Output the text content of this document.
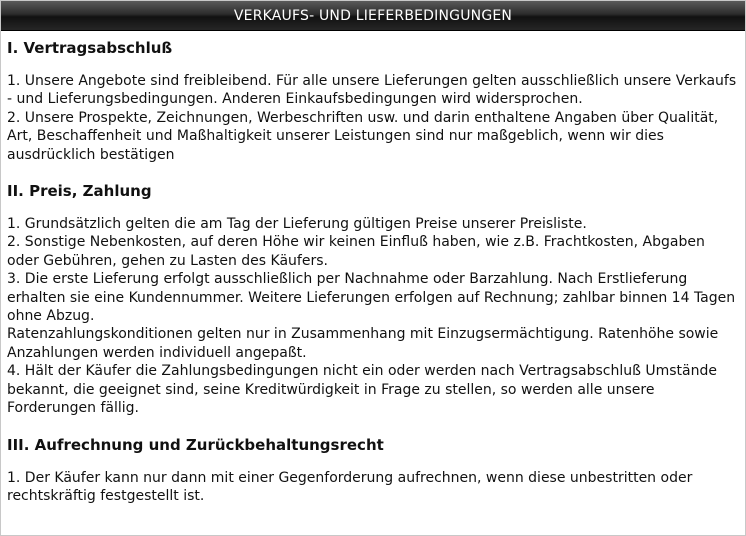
VERKAUFS- UND LIEFERBEDINGUNGEN
I. Vertragsabschluß

1. Unsere Angebote sind freibleibend. Für alle unsere Lieferungen gelten ausschließlich unsere Verkaufs - und Lieferungsbedingungen. Anderen Einkaufsbedingungen wird widersprochen.

2. Unsere Prospekte, Zeichnungen, Werbeschriften usw. und darin enthaltene Angaben über Qualität, Art, Beschaffenheit und Maßhaltigkeit unserer Leistungen sind nur maßgeblich, wenn wir dies ausdrücklich bestätigen

II. Preis, Zahlung

1. Grundsätzlich gelten die am Tag der Lieferung gültigen Preise unserer Preisliste.

2. Sonstige Nebenkosten, auf deren Höhe wir keinen Einfluß haben, wie z.B. Frachtkosten, Abgaben oder Gebühren, gehen zu Lasten des Käufers.

3. Die erste Lieferung erfolgt ausschließlich per Nachnahme oder Barzahlung. Nach Erstlieferung erhalten sie eine Kundennummer. Weitere Lieferungen erfolgen auf Rechnung; zahlbar binnen 14 Tagen ohne Abzug.

Ratenzahlungskonditionen gelten nur in Zusammenhang mit Einzugsermächtigung. Ratenhöhe sowie Anzahlungen werden individuell angepaßt.

4. Hält der Käufer die Zahlungsbedingungen nicht ein oder werden nach Vertragsabschluß Umstände bekannt, die geeignet sind, seine Kreditwürdigkeit in Frage zu stellen, so werden alle unsere Forderungen fällig.

III. Aufrechnung und Zurückbehaltungsrecht

1. Der Käufer kann nur dann mit einer Gegenforderung aufrechnen, wenn diese unbestritten oder rechtskräftig festgestellt ist.
